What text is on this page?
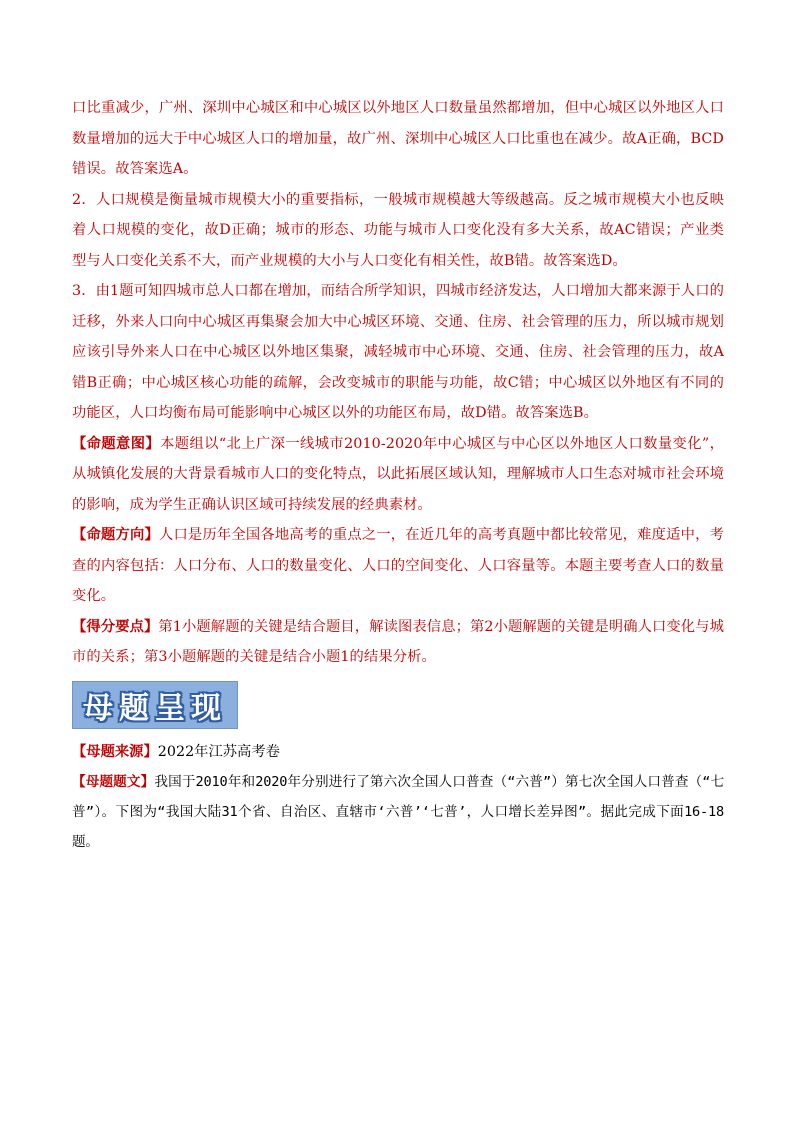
口比重减少，广州、深圳中心城区和中心城区以外地区人口数量虽然都增加，但中心城区以外地区人口数量增加的远大于中心城区人口的增加量，故广州、深圳中心城区人口比重也在减少。故A正确，BCD错误。故答案选A。

2．人口规模是衡量城市规模大小的重要指标，一般城市规模越大等级越高。反之城市规模大小也反映着人口规模的变化，故D正确；城市的形态、功能与城市人口变化没有多大关系，故AC错误；产业类型与人口变化关系不大，而产业规模的大小与人口变化有相关性，故B错。故答案选D。

3．由1题可知四城市总人口都在增加，而结合所学知识，四城市经济发达，人口增加大都来源于人口的迁移，外来人口向中心城区再集聚会加大中心城区环境、交通、住房、社会管理的压力，所以城市规划应该引导外来人口在中心城区以外地区集聚，减轻城市中心环境、交通、住房、社会管理的压力，故A错B正确；中心城区核心功能的疏解，会改变城市的职能与功能，故C错；中心城区以外地区有不同的功能区，人口均衡布局可能影响中心城区以外的功能区布局，故D错。故答案选B。

【命题意图】本题组以“北上广深一线城市2010-2020年中心城区与中心区以外地区人口数量变化”，从城镇化发展的大背景看城市人口的变化特点，以此拓展区域认知，理解城市人口生态对城市社会环境的影响，成为学生正确认识区域可持续发展的经典素材。

【命题方向】人口是历年全国各地高考的重点之一，在近几年的高考真题中都比较常见，难度适中，考查的内容包括：人口分布、人口的数量变化、人口的空间变化、人口容量等。本题主要考查人口的数量变化。

【得分要点】第1小题解题的关键是结合题目，解读图表信息；第2小题解题的关键是明确人口变化与城市的关系；第3小题解题的关键是结合小题1的结果分析。

母题呈现

【母题来源】2022年江苏高考卷

【母题题文】我国于2010年和2020年分别进行了第六次全国人口普查（“六普”）第七次全国人口普查（“七普”）。下图为“我国大陆31个省、自治区、直辖市‘六普’‘七普’，人口增长差异图”。据此完成下面16-18题。
